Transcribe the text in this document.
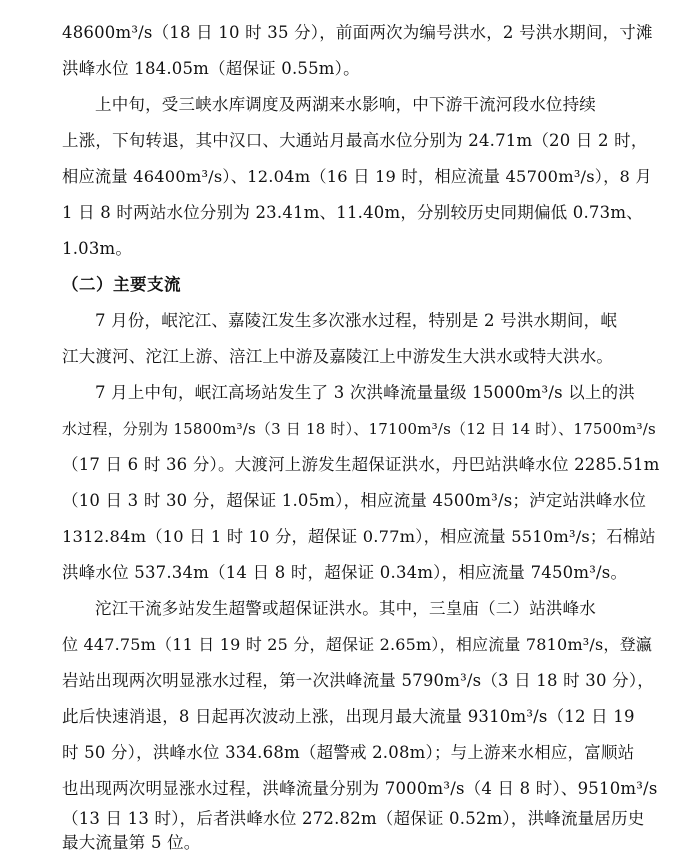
48600m³/s（18 日 10 时 35 分），前面两次为编号洪水，2 号洪水期间，寸滩
洪峰水位 184.05m（超保证 0.55m）。
上中旬，受三峡水库调度及两湖来水影响，中下游干流河段水位持续
上涨，下旬转退，其中汉口、大通站月最高水位分别为 24.71m（20 日 2 时，
相应流量 46400m³/s）、12.04m（16 日 19 时，相应流量 45700m³/s），8 月
1 日 8 时两站水位分别为 23.41m、11.40m，分别较历史同期偏低 0.73m、
1.03m。
（二）主要支流
7 月份，岷沱江、嘉陵江发生多次涨水过程，特别是 2 号洪水期间，岷
江大渡河、沱江上游、涪江上中游及嘉陵江上中游发生大洪水或特大洪水。
7 月上中旬，岷江高场站发生了 3 次洪峰流量量级 15000m³/s 以上的洪
水过程，分别为 15800m³/s（3 日 18 时）、17100m³/s（12 日 14 时）、17500m³/s
（17 日 6 时 36 分）。大渡河上游发生超保证洪水，丹巴站洪峰水位 2285.51m
（10 日 3 时 30 分，超保证 1.05m），相应流量 4500m³/s；泸定站洪峰水位
1312.84m（10 日 1 时 10 分，超保证 0.77m），相应流量 5510m³/s；石棉站
洪峰水位 537.34m（14 日 8 时，超保证 0.34m），相应流量 7450m³/s。
沱江干流多站发生超警或超保证洪水。其中，三皇庙（二）站洪峰水
位 447.75m（11 日 19 时 25 分，超保证 2.65m），相应流量 7810m³/s，登瀛
岩站出现两次明显涨水过程，第一次洪峰流量 5790m³/s（3 日 18 时 30 分），
此后快速消退，8 日起再次波动上涨，出现月最大流量 9310m³/s（12 日 19
时 50 分），洪峰水位 334.68m（超警戒 2.08m）；与上游来水相应，富顺站
也出现两次明显涨水过程，洪峰流量分别为 7000m³/s（4 日 8 时）、9510m³/s
（13 日 13 时），后者洪峰水位 272.82m（超保证 0.52m），洪峰流量居历史
最大流量第 5 位。
